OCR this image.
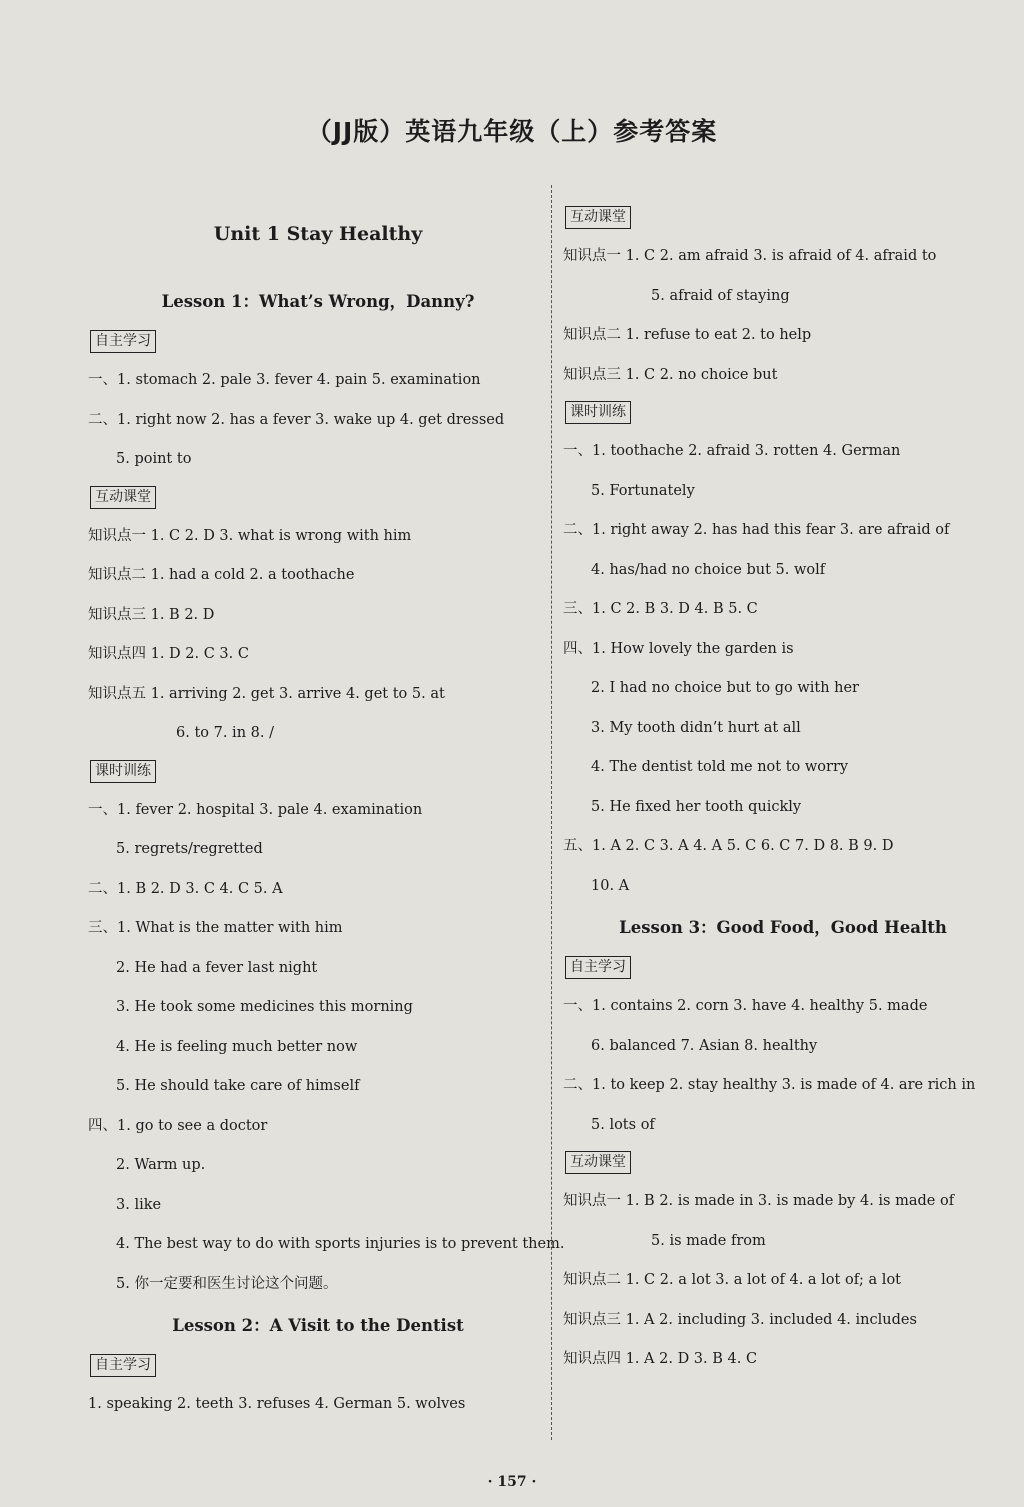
（JJ版）英语九年级（上）参考答案
Unit 1 Stay Healthy
Lesson 1：What’s Wrong，Danny?
自主学习
一、1. stomach 2. pale 3. fever 4. pain 5. examination
二、1. right now 2. has a fever 3. wake up 4. get dressed
5. point to
互动课堂
知识点一 1. C 2. D 3. what is wrong with him
知识点二 1. had a cold 2. a toothache
知识点三 1. B 2. D
知识点四 1. D 2. C 3. C
知识点五 1. arriving 2. get 3. arrive 4. get to 5. at
6. to 7. in 8. /
课时训练
一、1. fever 2. hospital 3. pale 4. examination
5. regrets/regretted
二、1. B 2. D 3. C 4. C 5. A
三、1. What is the matter with him
2. He had a fever last night
3. He took some medicines this morning
4. He is feeling much better now
5. He should take care of himself
四、1. go to see a doctor
2. Warm up.
3. like
4. The best way to do with sports injuries is to prevent them.
5. 你一定要和医生讨论这个问题。
Lesson 2：A Visit to the Dentist
自主学习
1. speaking 2. teeth 3. refuses 4. German 5. wolves
互动课堂
知识点一 1. C 2. am afraid 3. is afraid of 4. afraid to
5. afraid of staying
知识点二 1. refuse to eat 2. to help
知识点三 1. C 2. no choice but
课时训练
一、1. toothache 2. afraid 3. rotten 4. German
5. Fortunately
二、1. right away 2. has had this fear 3. are afraid of
4. has/had no choice but 5. wolf
三、1. C 2. B 3. D 4. B 5. C
四、1. How lovely the garden is
2. I had no choice but to go with her
3. My tooth didn’t hurt at all
4. The dentist told me not to worry
5. He fixed her tooth quickly
五、1. A 2. C 3. A 4. A 5. C 6. C 7. D 8. B 9. D
10. A
Lesson 3：Good Food，Good Health
自主学习
一、1. contains 2. corn 3. have 4. healthy 5. made
6. balanced 7. Asian 8. healthy
二、1. to keep 2. stay healthy 3. is made of 4. are rich in
5. lots of
互动课堂
知识点一 1. B 2. is made in 3. is made by 4. is made of
5. is made from
知识点二 1. C 2. a lot 3. a lot of 4. a lot of; a lot
知识点三 1. A 2. including 3. included 4. includes
知识点四 1. A 2. D 3. B 4. C
· 157 ·
